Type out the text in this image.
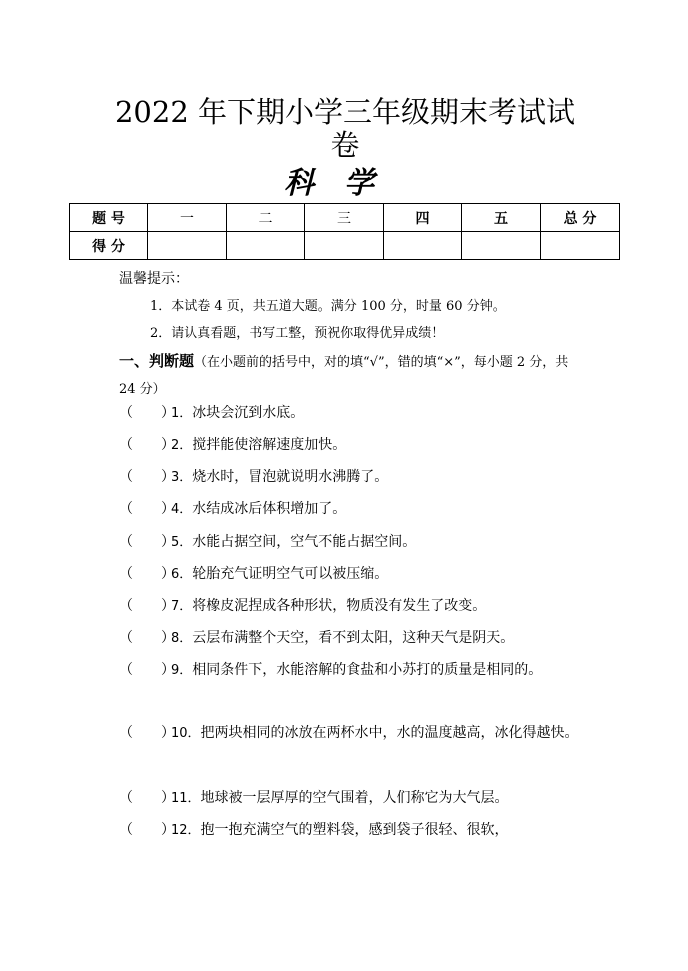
2022 年下期小学三年级期末考试试
卷
科学
题 号	一	二	三	四	五	总 分
得 分						
温馨提示：
1．本试卷 4 页，共五道大题。满分 100 分，时量 60 分钟。
2．请认真看题，书写工整，预祝你取得优异成绩！
一、判断题（在小题前的括号中，对的填“√”，错的填“×”，每小题 2 分，共 24 分）
（　　）1．冰块会沉到水底。
（　　）2．搅拌能使溶解速度加快。
（　　）3．烧水时，冒泡就说明水沸腾了。
（　　）4．水结成冰后体积增加了。
（　　）5．水能占据空间，空气不能占据空间。
（　　）6．轮胎充气证明空气可以被压缩。
（　　）7．将橡皮泥捏成各种形状，物质没有发生了改变。
（　　）8．云层布满整个天空，看不到太阳，这种天气是阴天。
（　　）9．相同条件下，水能溶解的食盐和小苏打的质量是相同的。
（　　）10．把两块相同的冰放在两杯水中，水的温度越高，冰化得越快。
（　　）11．地球被一层厚厚的空气围着，人们称它为大气层。
（　　）12．抱一抱充满空气的塑料袋，感到袋子很轻、很软，
